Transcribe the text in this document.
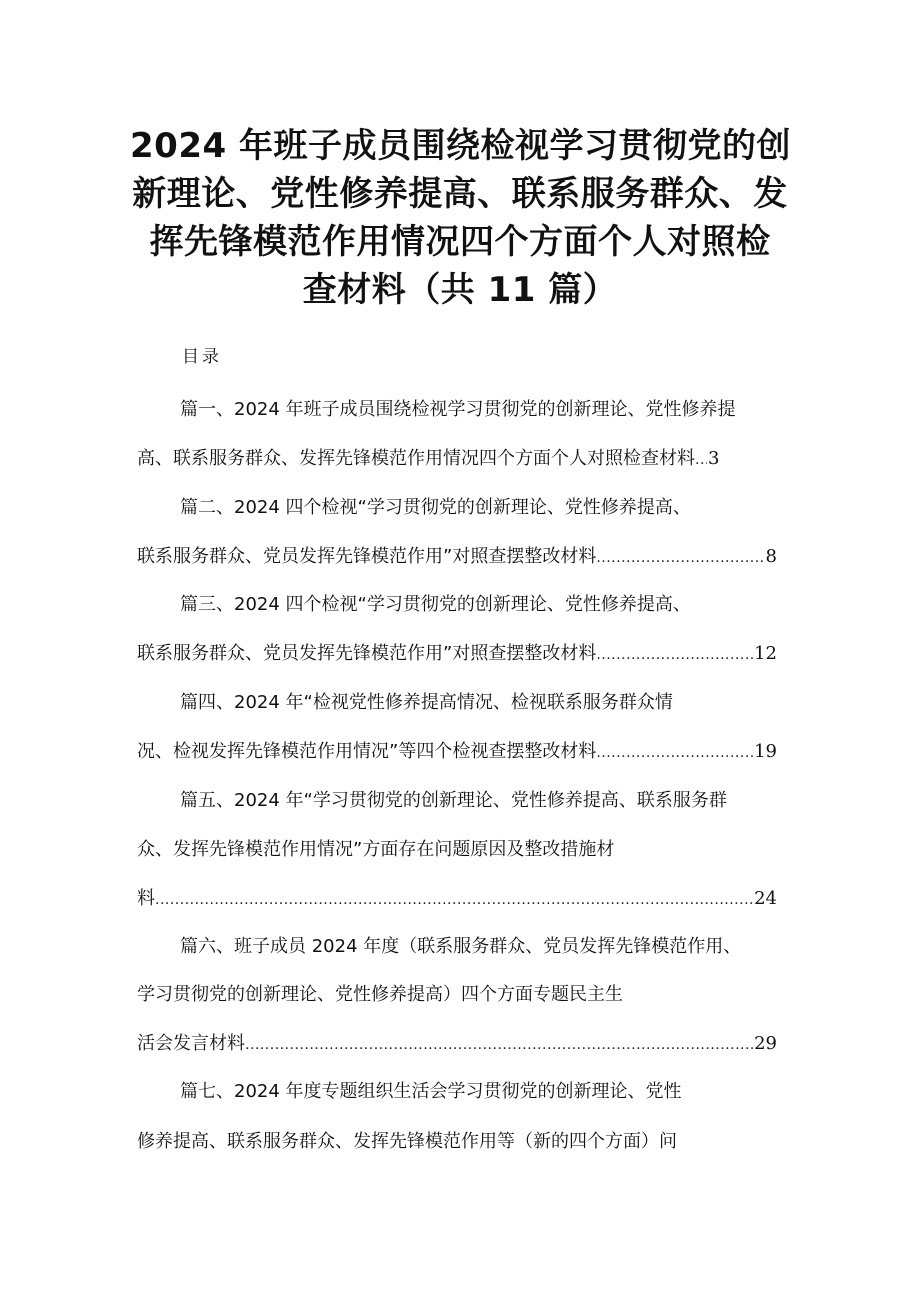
2024 年班子成员围绕检视学习贯彻党的创
新理论、党性修养提高、联系服务群众、发
挥先锋模范作用情况四个方面个人对照检
查材料（共 11 篇）
目录
篇一、2024 年班子成员围绕检视学习贯彻党的创新理论、党性修养提
高、联系服务群众、发挥先锋模范作用情况四个方面个人对照检查材料 ..... 3
篇二、2024 四个检视“学习贯彻党的创新理论、党性修养提高、
联系服务群众、党员发挥先锋模范作用”对照查摆整改材料 .....	8
篇三、2024 四个检视“学习贯彻党的创新理论、党性修养提高、
联系服务群众、党员发挥先锋模范作用”对照查摆整改材料 .....	12
篇四、2024 年“检视党性修养提高情况、检视联系服务群众情
况、检视发挥先锋模范作用情况”等四个检视查摆整改材料 .....	19
篇五、2024 年“学习贯彻党的创新理论、党性修养提高、联系服务群
众、发挥先锋模范作用情况”方面存在问题原因及整改措施材
料 .....	24
篇六、班子成员 2024 年度（联系服务群众、党员发挥先锋模范作用、
学习贯彻党的创新理论、党性修养提高）四个方面专题民主生
活会发言材料 .....	29
篇七、2024 年度专题组织生活会学习贯彻党的创新理论、党性
修养提高、联系服务群众、发挥先锋模范作用等（新的四个方面）问
